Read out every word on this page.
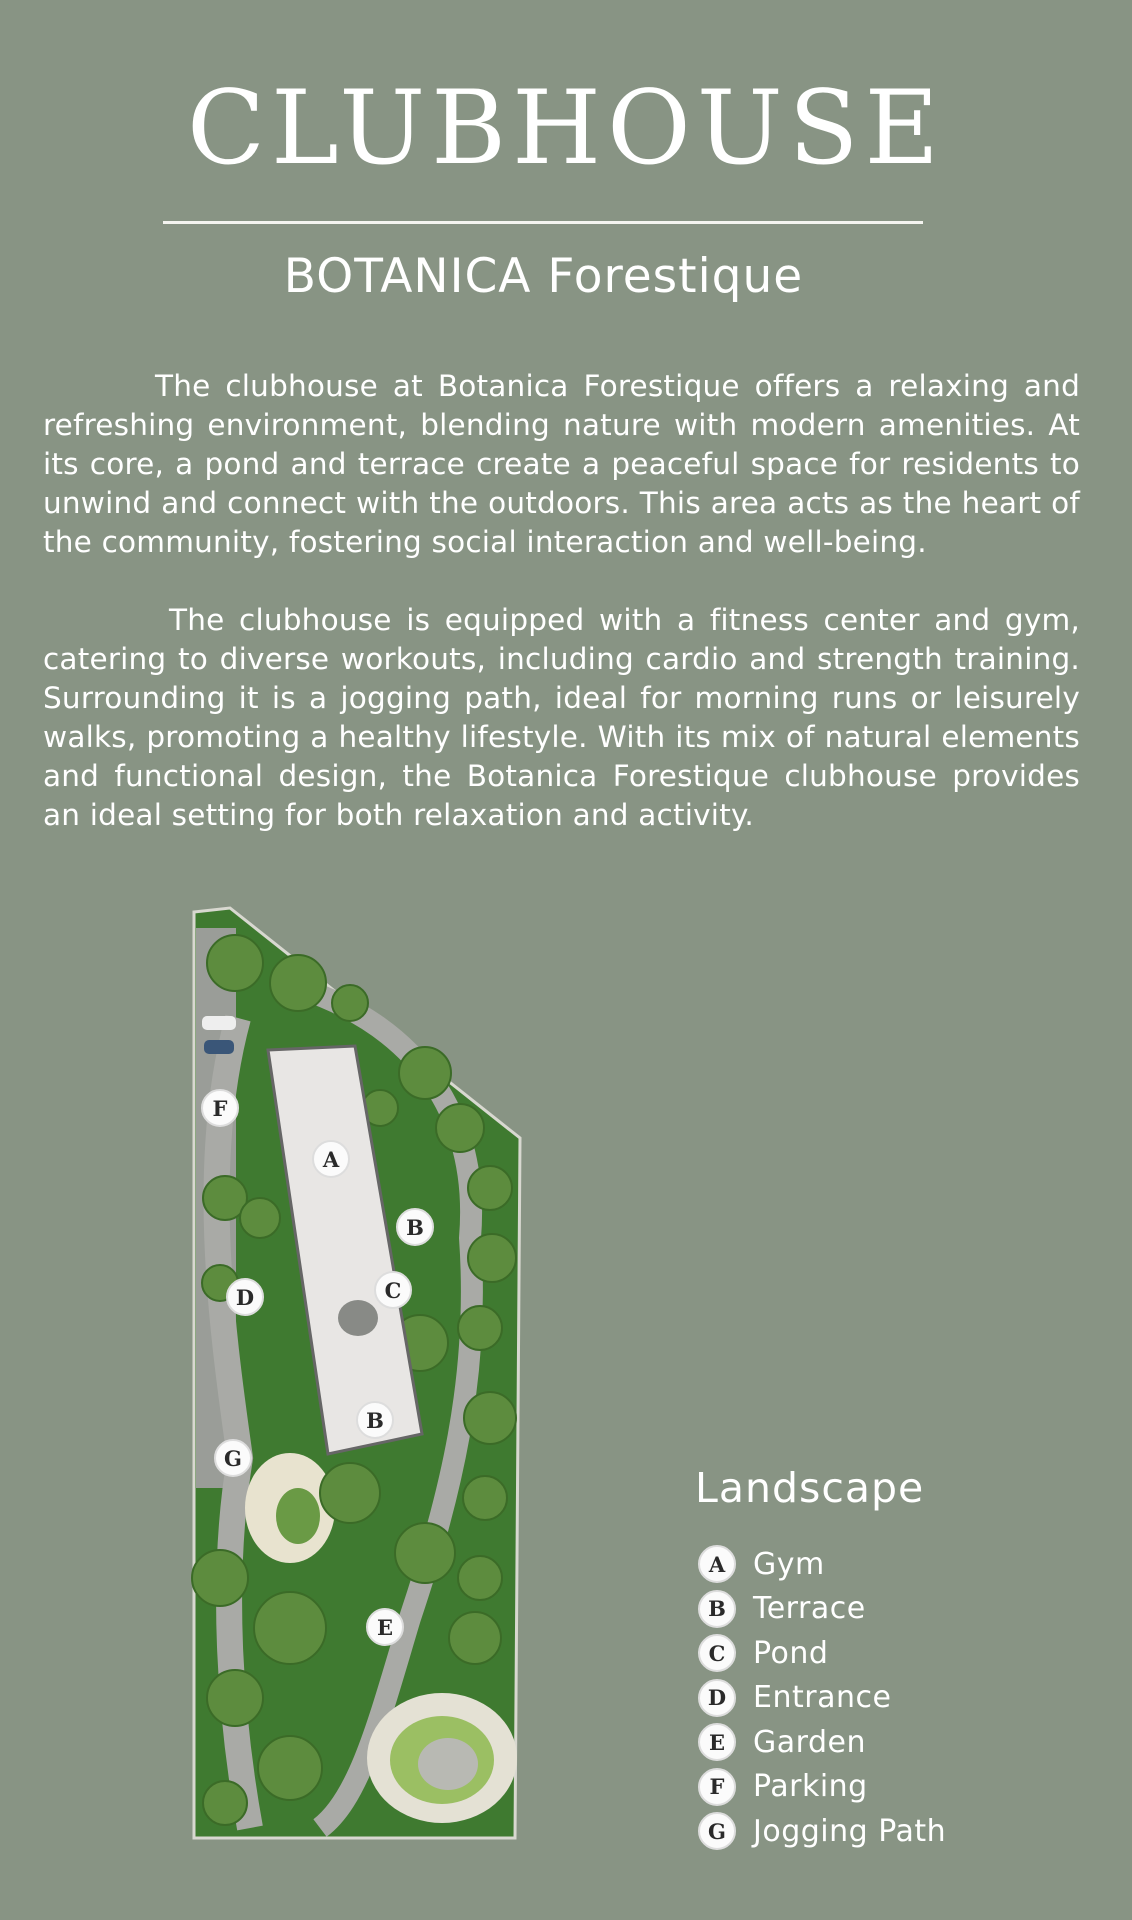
CLUBHOUSE
BOTANICA Forestique

The clubhouse at Botanica Forestique offers a relaxing and refreshing environment, blending nature with modern amenities. At its core, a pond and terrace create a peaceful space for residents to unwind and connect with the outdoors. This area acts as the heart of the community, fostering social interaction and well-being.

The clubhouse is equipped with a fitness center and gym, catering to diverse workouts, including cardio and strength training. Surrounding it is a jogging path, ideal for morning runs or leisurely walks, promoting a healthy lifestyle. With its mix of natural elements and functional design, the Botanica Forestique clubhouse provides an ideal setting for both relaxation and activity.

A
B
C
B
D
F
G
E
Landscape
A Gym
B Terrace
C Pond
D Entrance
E Garden
F Parking
G Jogging Path
